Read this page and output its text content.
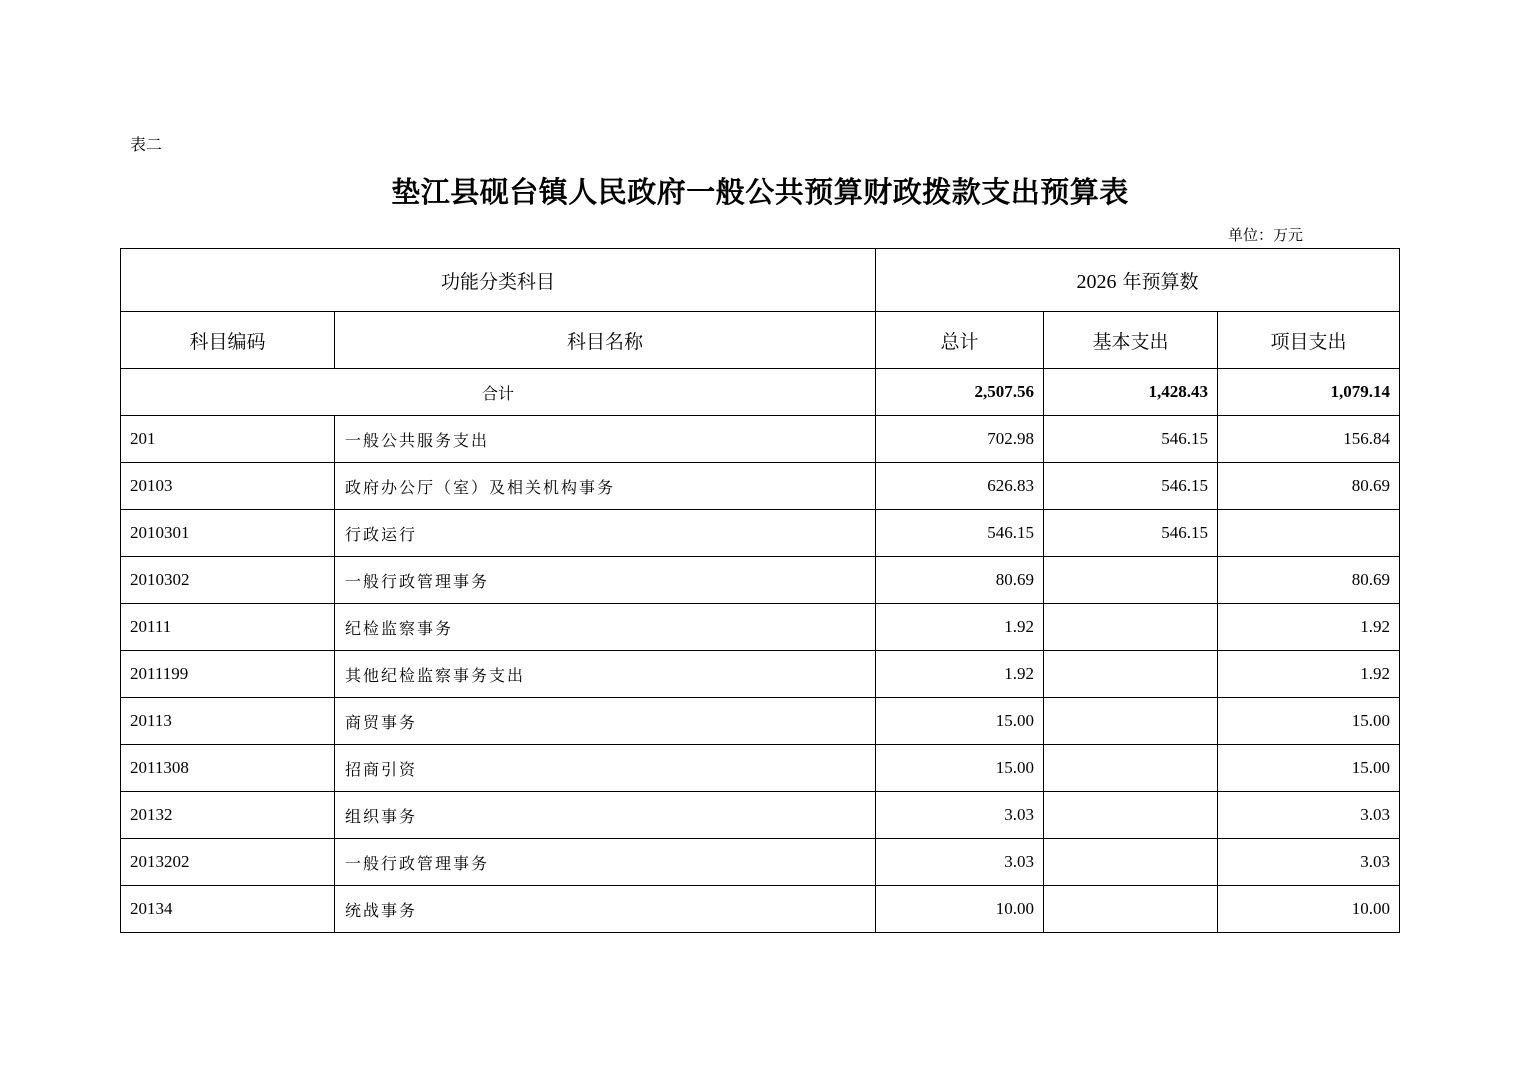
表二
垫江县砚台镇人民政府一般公共预算财政拨款支出预算表
单位：万元
功能分类科目		2026 年预算数		
科目编码	科目名称	总计	基本支出	项目支出
合计		2,507.56	1,428.43	1,079.14
201	一般公共服务支出	702.98	546.15	156.84
20103	政府办公厅（室）及相关机构事务	626.83	546.15	80.69
2010301	行政运行	546.15	546.15	
2010302	一般行政管理事务	80.69		80.69
20111	纪检监察事务	1.92		1.92
2011199	其他纪检监察事务支出	1.92		1.92
20113	商贸事务	15.00		15.00
2011308	招商引资	15.00		15.00
20132	组织事务	3.03		3.03
2013202	一般行政管理事务	3.03		3.03
20134	统战事务	10.00		10.00
